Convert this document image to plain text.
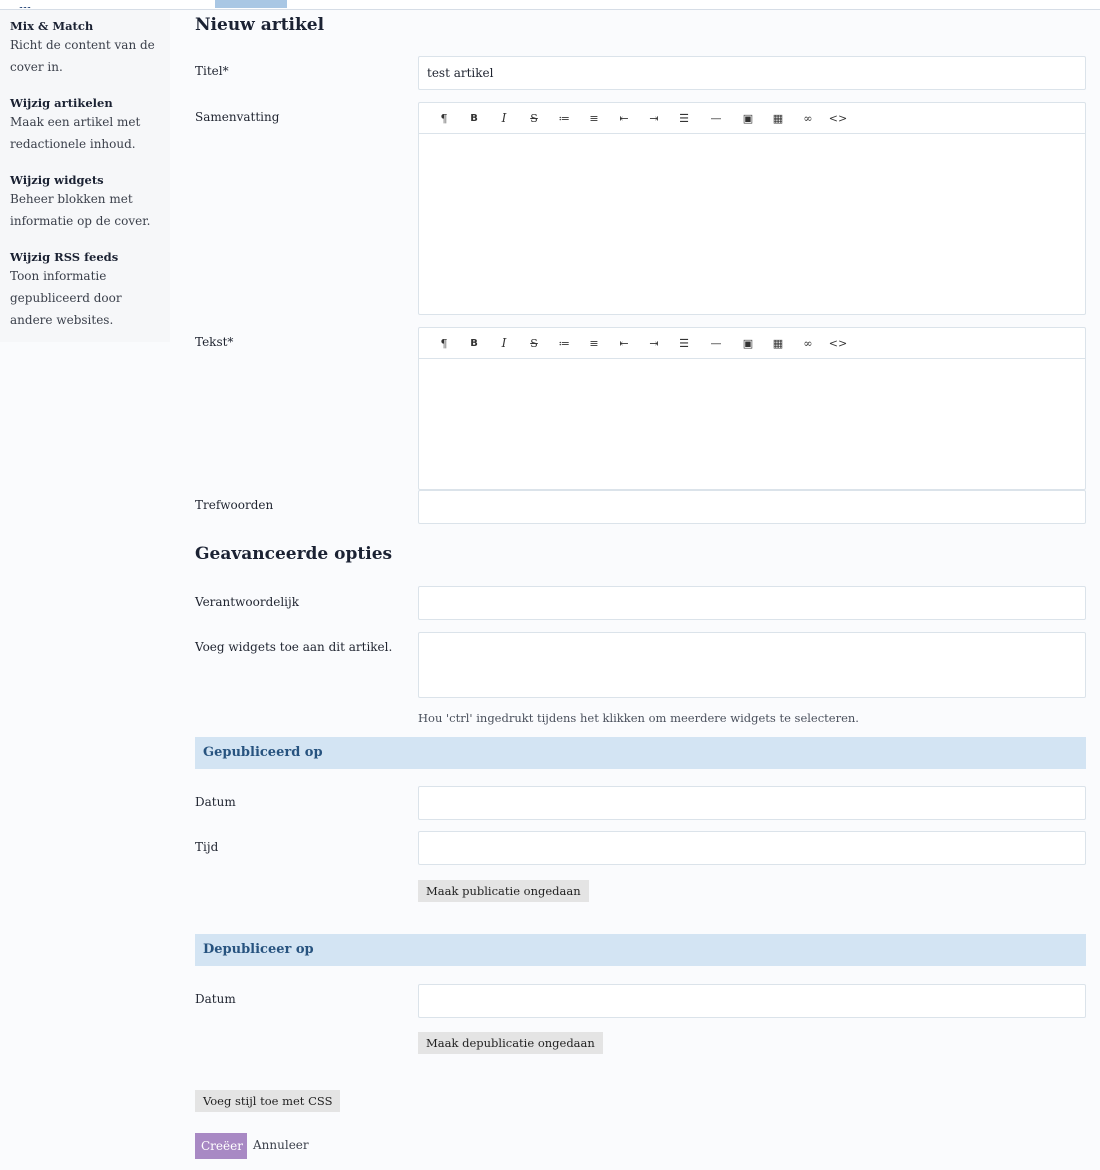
Mix & Match
Richt de content van de cover in.
Wijzig artikelen
Maak een artikel met redactionele inhoud.
Wijzig widgets
Beheer blokken met informatie op de cover.
Wijzig RSS feeds
Toon informatie gepubliceerd door andere websites.
Nieuw artikel
Titel*
test artikel
Samenvatting	¶	B	I	S	≔	≡	⇤	⇥	☰	—	▣	▦	∞	<>
Tekst*	¶	B	I	S	≔	≡	⇤	⇥	☰	—	▣	▦	∞	<>
Trefwoorden
Geavanceerde opties
Verantwoordelijk
Voeg widgets toe aan dit artikel.
Hou 'ctrl' ingedrukt tijdens het klikken om meerdere widgets te selecteren.
Gepubliceerd op
Datum
Tijd
Maak publicatie ongedaan
Depubliceer op
Datum
Maak depublicatie ongedaan
Voeg stijl toe met CSS
Creëer Annuleer
